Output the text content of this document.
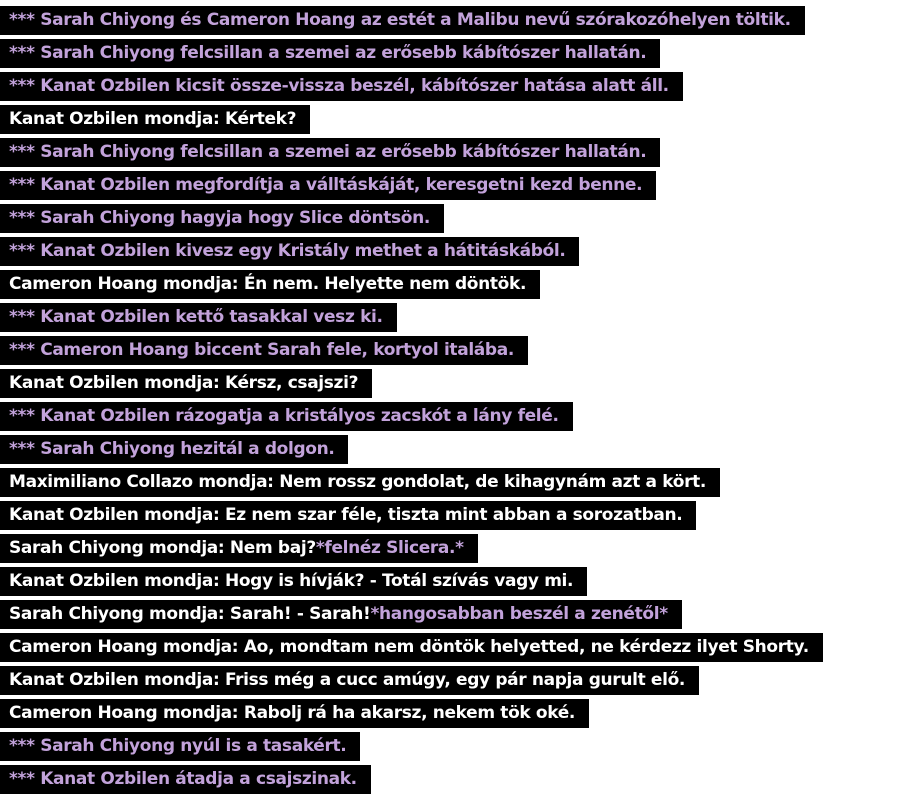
*** Sarah Chiyong és Cameron Hoang az estét a Malibu nevű szórakozóhelyen töltik.
*** Sarah Chiyong felcsillan a szemei az erősebb kábítószer hallatán.
*** Kanat Ozbilen kicsit össze-vissza beszél, kábítószer hatása alatt áll.
Kanat Ozbilen mondja: Kértek?
*** Sarah Chiyong felcsillan a szemei az erősebb kábítószer hallatán.
*** Kanat Ozbilen megfordítja a válltáskáját, keresgetni kezd benne.
*** Sarah Chiyong hagyja hogy Slice döntsön.
*** Kanat Ozbilen kivesz egy Kristály methet a hátitáskából.
Cameron Hoang mondja: Én nem. Helyette nem döntök.
*** Kanat Ozbilen kettő tasakkal vesz ki.
*** Cameron Hoang biccent Sarah fele, kortyol italába.
Kanat Ozbilen mondja: Kérsz, csajszi?
*** Kanat Ozbilen rázogatja a kristályos zacskót a lány felé.
*** Sarah Chiyong hezitál a dolgon.
Maximiliano Collazo mondja: Nem rossz gondolat, de kihagynám azt a kört.
Kanat Ozbilen mondja: Ez nem szar féle, tiszta mint abban a sorozatban.
Sarah Chiyong mondja: Nem baj?*felnéz Slicera.*
Kanat Ozbilen mondja: Hogy is hívják? - Totál szívás vagy mi.
Sarah Chiyong mondja: Sarah! - Sarah!*hangosabban beszél a zenétől*
Cameron Hoang mondja: Ao, mondtam nem döntök helyetted, ne kérdezz ilyet Shorty.
Kanat Ozbilen mondja: Friss még a cucc amúgy, egy pár napja gurult elő.
Cameron Hoang mondja: Rabolj rá ha akarsz, nekem tök oké.
*** Sarah Chiyong nyúl is a tasakért.
*** Kanat Ozbilen átadja a csajszinak.
